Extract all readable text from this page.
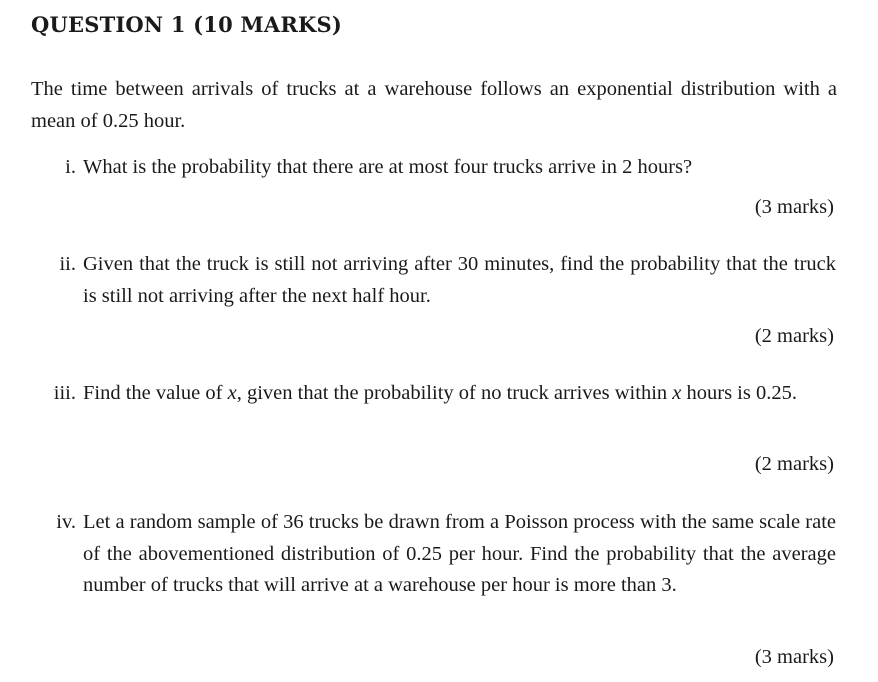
QUESTION 1 (10 MARKS)

The time between arrivals of trucks at a warehouse follows an exponential distribution with a mean of 0.25 hour.

i. What is the probability that there are at most four trucks arrive in 2 hours?

(3 marks)
ii. Given that the truck is still not arriving after 30 minutes, find the probability that the truck is still not arriving after the next half hour.

(2 marks)
iii. Find the value of x, given that the probability of no truck arrives within x hours is 0.25.

(2 marks)
iv. Let a random sample of 36 trucks be drawn from a Poisson process with the same scale rate of the abovementioned distribution of 0.25 per hour. Find the probability that the average number of trucks that will arrive at a warehouse per hour is more than 3.

(3 marks)
